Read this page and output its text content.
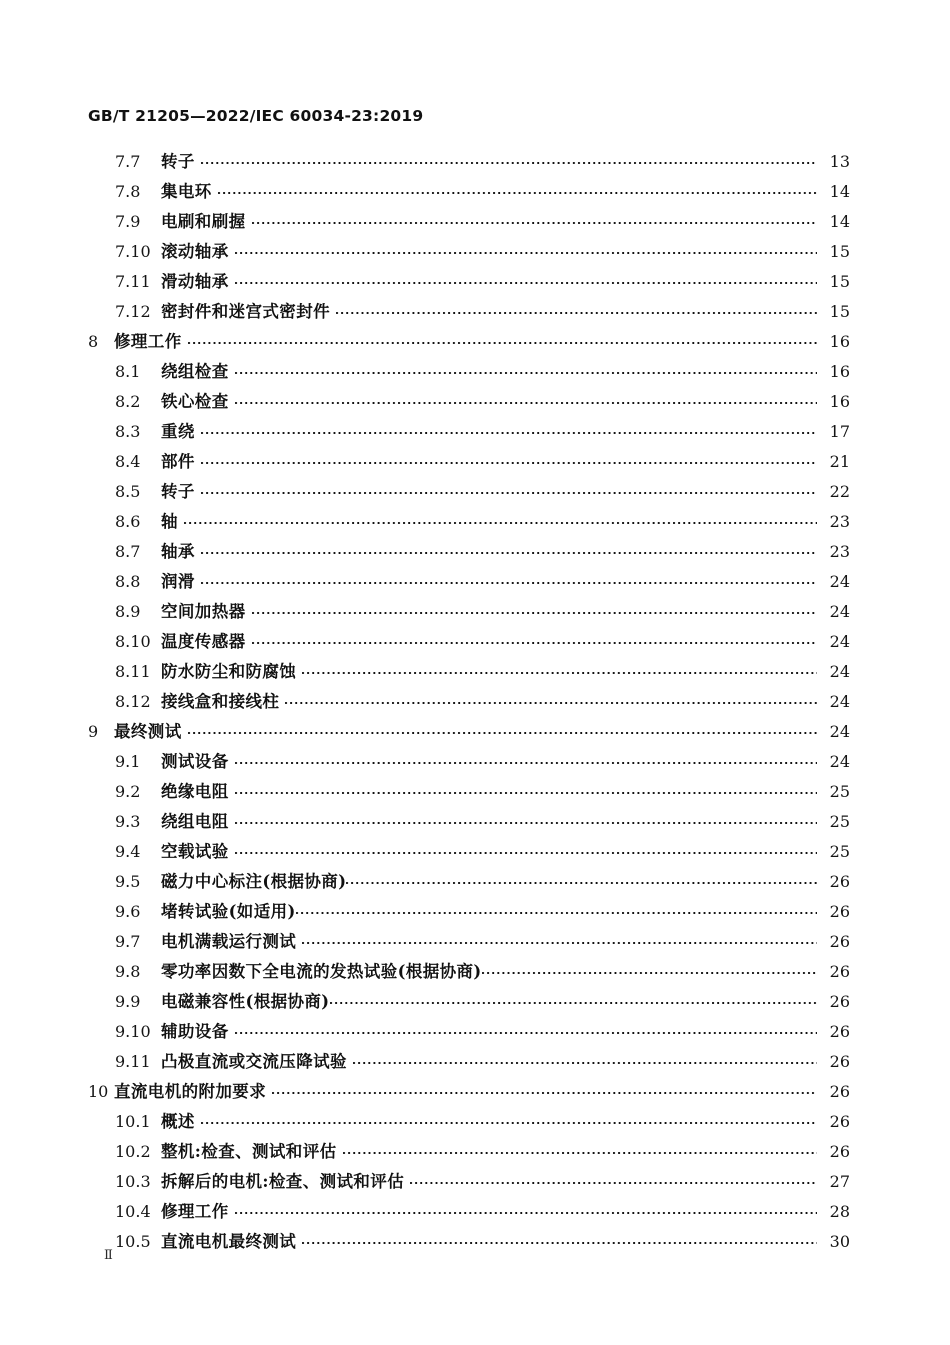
GB/T 21205—2022/IEC 60034-23:2019
7.7	转子	13
7.8	集电环	14
7.9	电刷和刷握	14
7.10 滚动轴承	15
7.11 滑动轴承	15
7.12 密封件和迷宫式密封件	15
8 修理工作	16
8.1	绕组检查	16
8.2	铁心检查	16
8.3	重绕	17
8.4	部件	21
8.5	转子	22
8.6	轴	23
8.7	轴承	23
8.8	润滑	24
8.9	空间加热器	24
8.10 温度传感器	24
8.11 防水防尘和防腐蚀	24
8.12 接线盒和接线柱	24
9 最终测试	24
9.1	测试设备	24
9.2	绝缘电阻	25
9.3	绕组电阻	25
9.4	空载试验	25
9.5	磁力中心标注(根据协商)	26
9.6	堵转试验(如适用)	26
9.7	电机满载运行测试	26
9.8	零功率因数下全电流的发热试验(根据协商)	26
9.9	电磁兼容性(根据协商)	26
9.10 辅助设备	26
9.11 凸极直流或交流压降试验	26
10 直流电机的附加要求	26
10.1 概述	26
10.2 整机:检查、测试和评估	26
10.3 拆解后的电机:检查、测试和评估	27
10.4 修理工作	28
10.5 直流电机最终测试	30
Ⅱ
